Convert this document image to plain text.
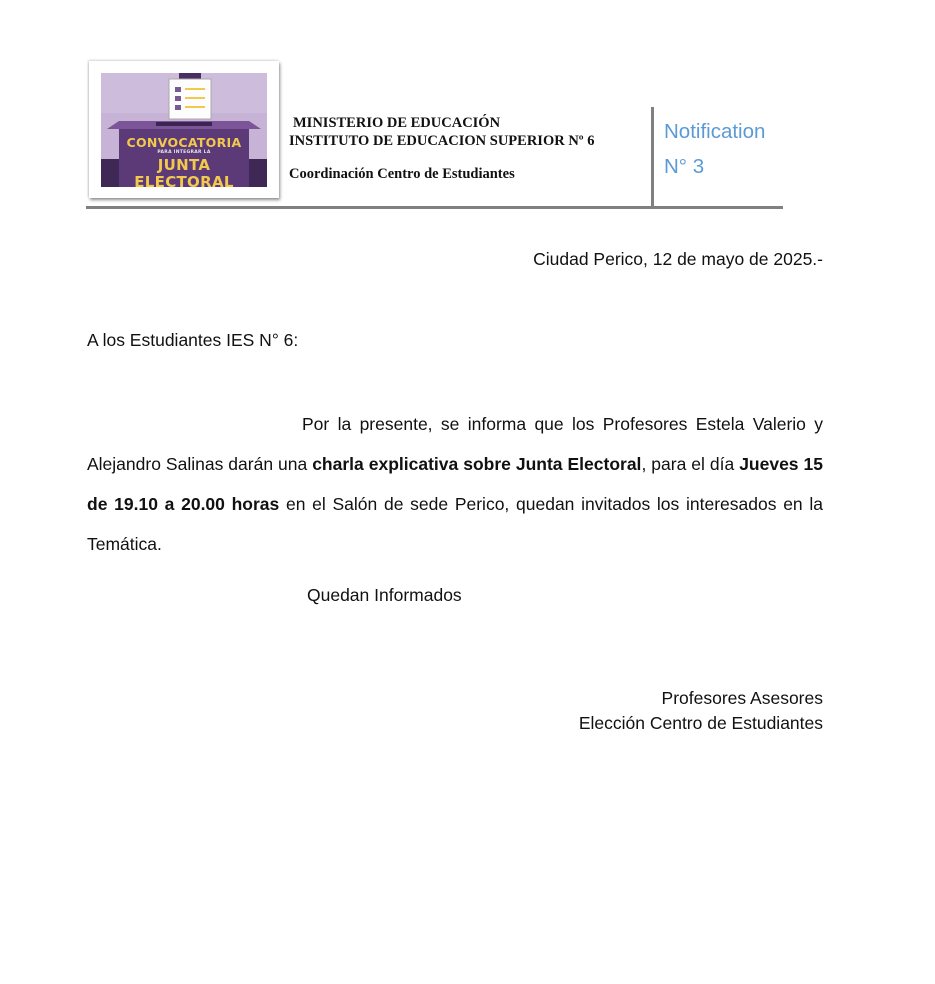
CONVOCATORIA
PARA INTEGRAR LA
JUNTA
ELECTORAL
MINISTERIO DE EDUCACIÓN
INSTITUTO DE EDUCACION SUPERIOR Nº 6
Coordinación Centro de Estudiantes
Notification
N° 3
Ciudad Perico, 12 de mayo de 2025.-
A los Estudiantes IES N° 6:
Por la presente, se informa que los Profesores Estela Valerio y Alejandro Salinas darán una charla explicativa sobre Junta Electoral, para el día Jueves 15 de 19.10 a 20.00 horas en el Salón de sede Perico, quedan invitados los interesados en la Temática.
Quedan Informados
Profesores Asesores
Elección Centro de Estudiantes
